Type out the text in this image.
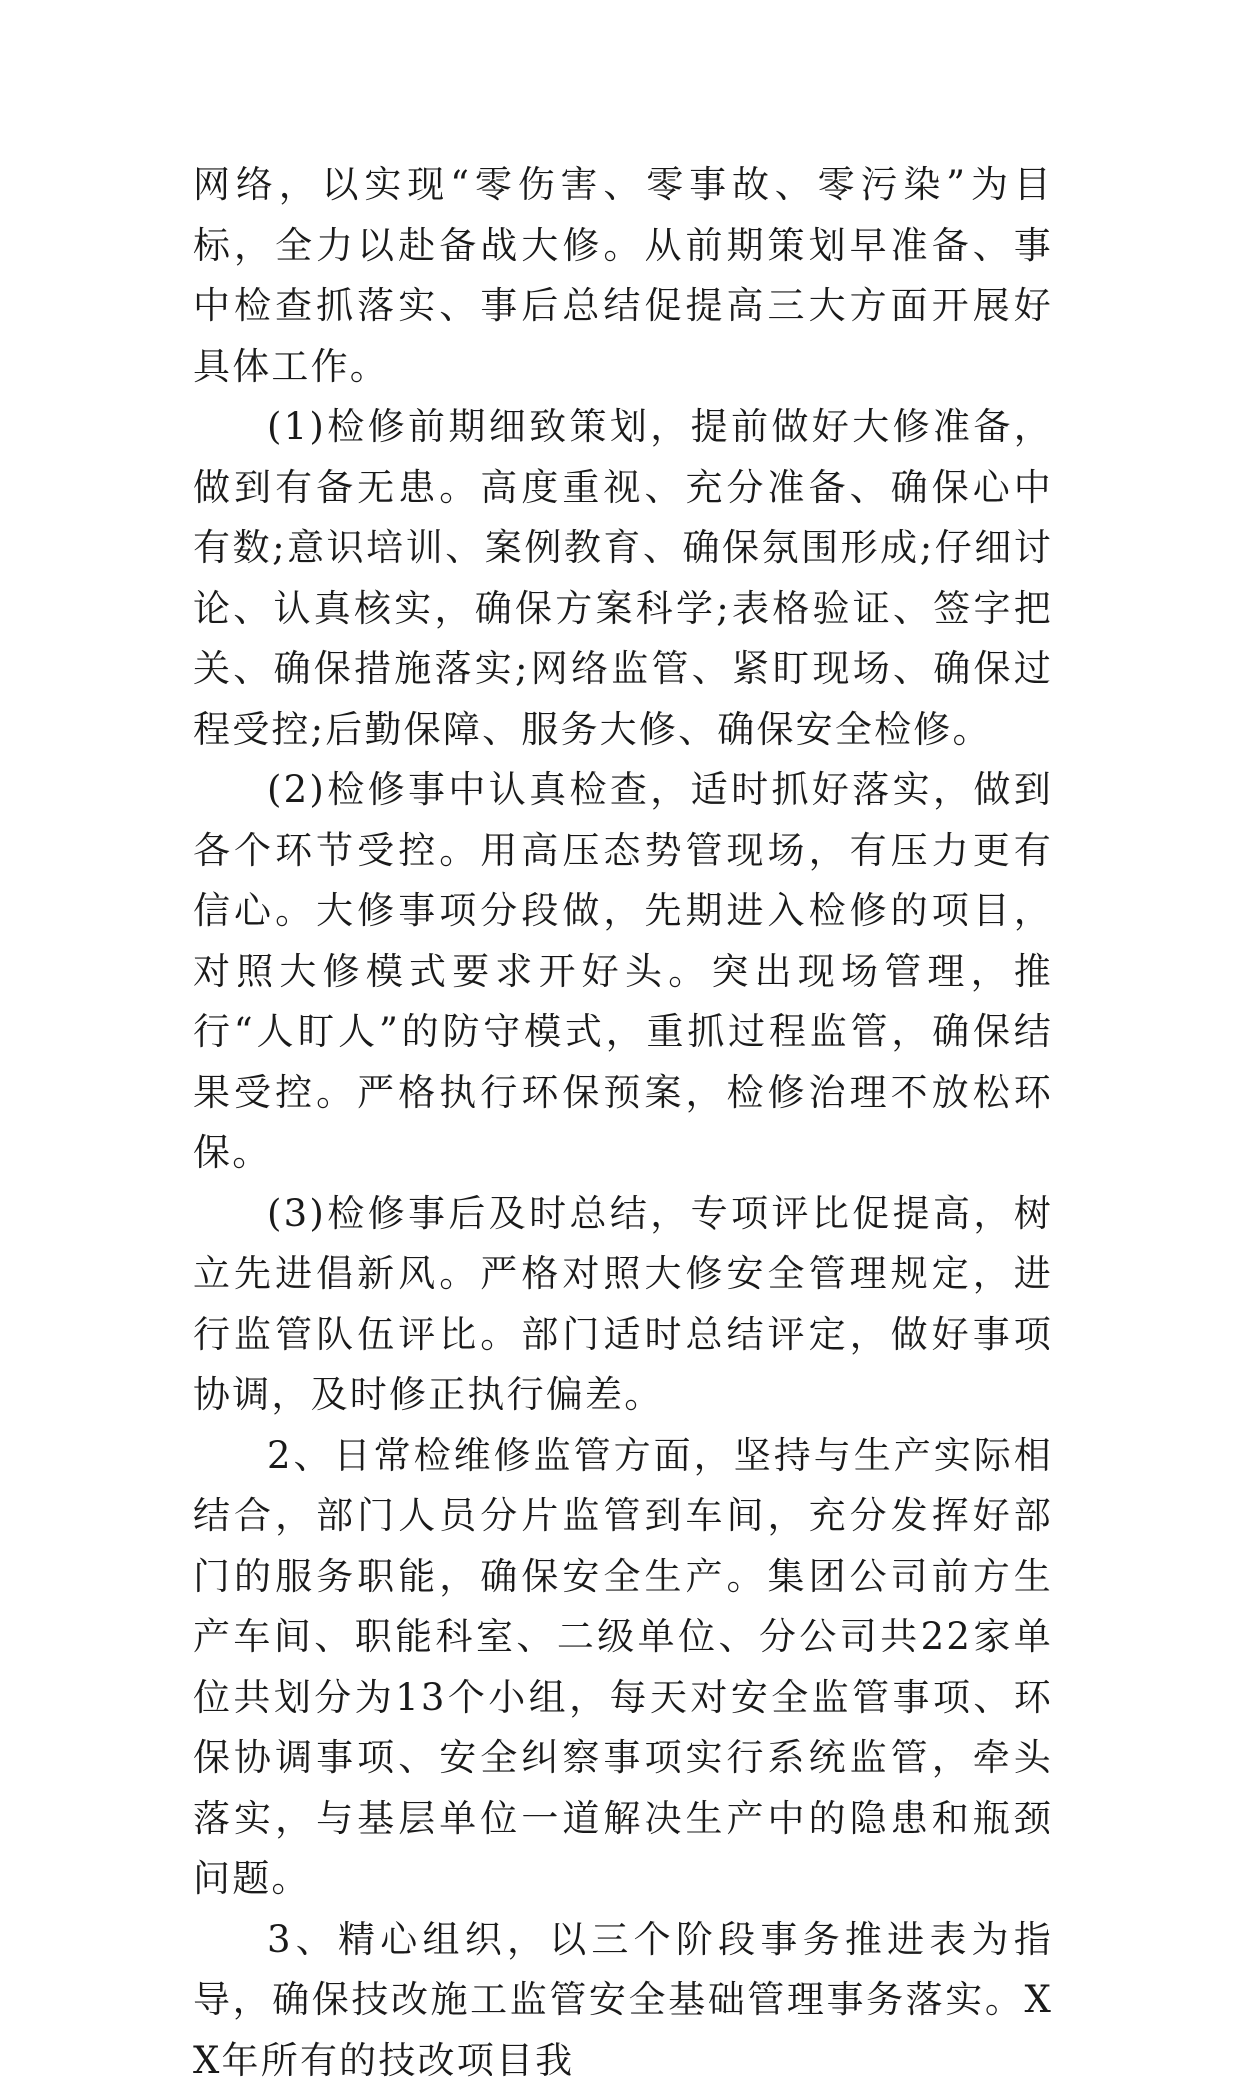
网络，以实现“零伤害、零事故、零污染”为目标，全力以赴备战大修。从前期策划早准备、事中检查抓落实、事后总结促提高三大方面开展好具体工作。

(1)检修前期细致策划，提前做好大修准备，做到有备无患。高度重视、充分准备、确保心中有数;意识培训、案例教育、确保氛围形成;仔细讨论、认真核实，确保方案科学;表格验证、签字把关、确保措施落实;网络监管、紧盯现场、确保过程受控;后勤保障、服务大修、确保安全检修。

(2)检修事中认真检查，适时抓好落实，做到各个环节受控。用高压态势管现场，有压力更有信心。大修事项分段做，先期进入检修的项目，对照大修模式要求开好头。突出现场管理，推行“人盯人”的防守模式，重抓过程监管，确保结果受控。严格执行环保预案，检修治理不放松环保。

(3)检修事后及时总结，专项评比促提高，树立先进倡新风。严格对照大修安全管理规定，进行监管队伍评比。部门适时总结评定，做好事项协调，及时修正执行偏差。

2、日常检维修监管方面，坚持与生产实际相结合，部门人员分片监管到车间，充分发挥好部门的服务职能，确保安全生产。集团公司前方生产车间、职能科室、二级单位、分公司共22家单位共划分为13个小组，每天对安全监管事项、环保协调事项、安全纠察事项实行系统监管，牵头落实，与基层单位一道解决生产中的隐患和瓶颈问题。

3、精心组织，以三个阶段事务推进表为指导，确保技改施工监管安全基础管理事务落实。XX年所有的技改项目我
